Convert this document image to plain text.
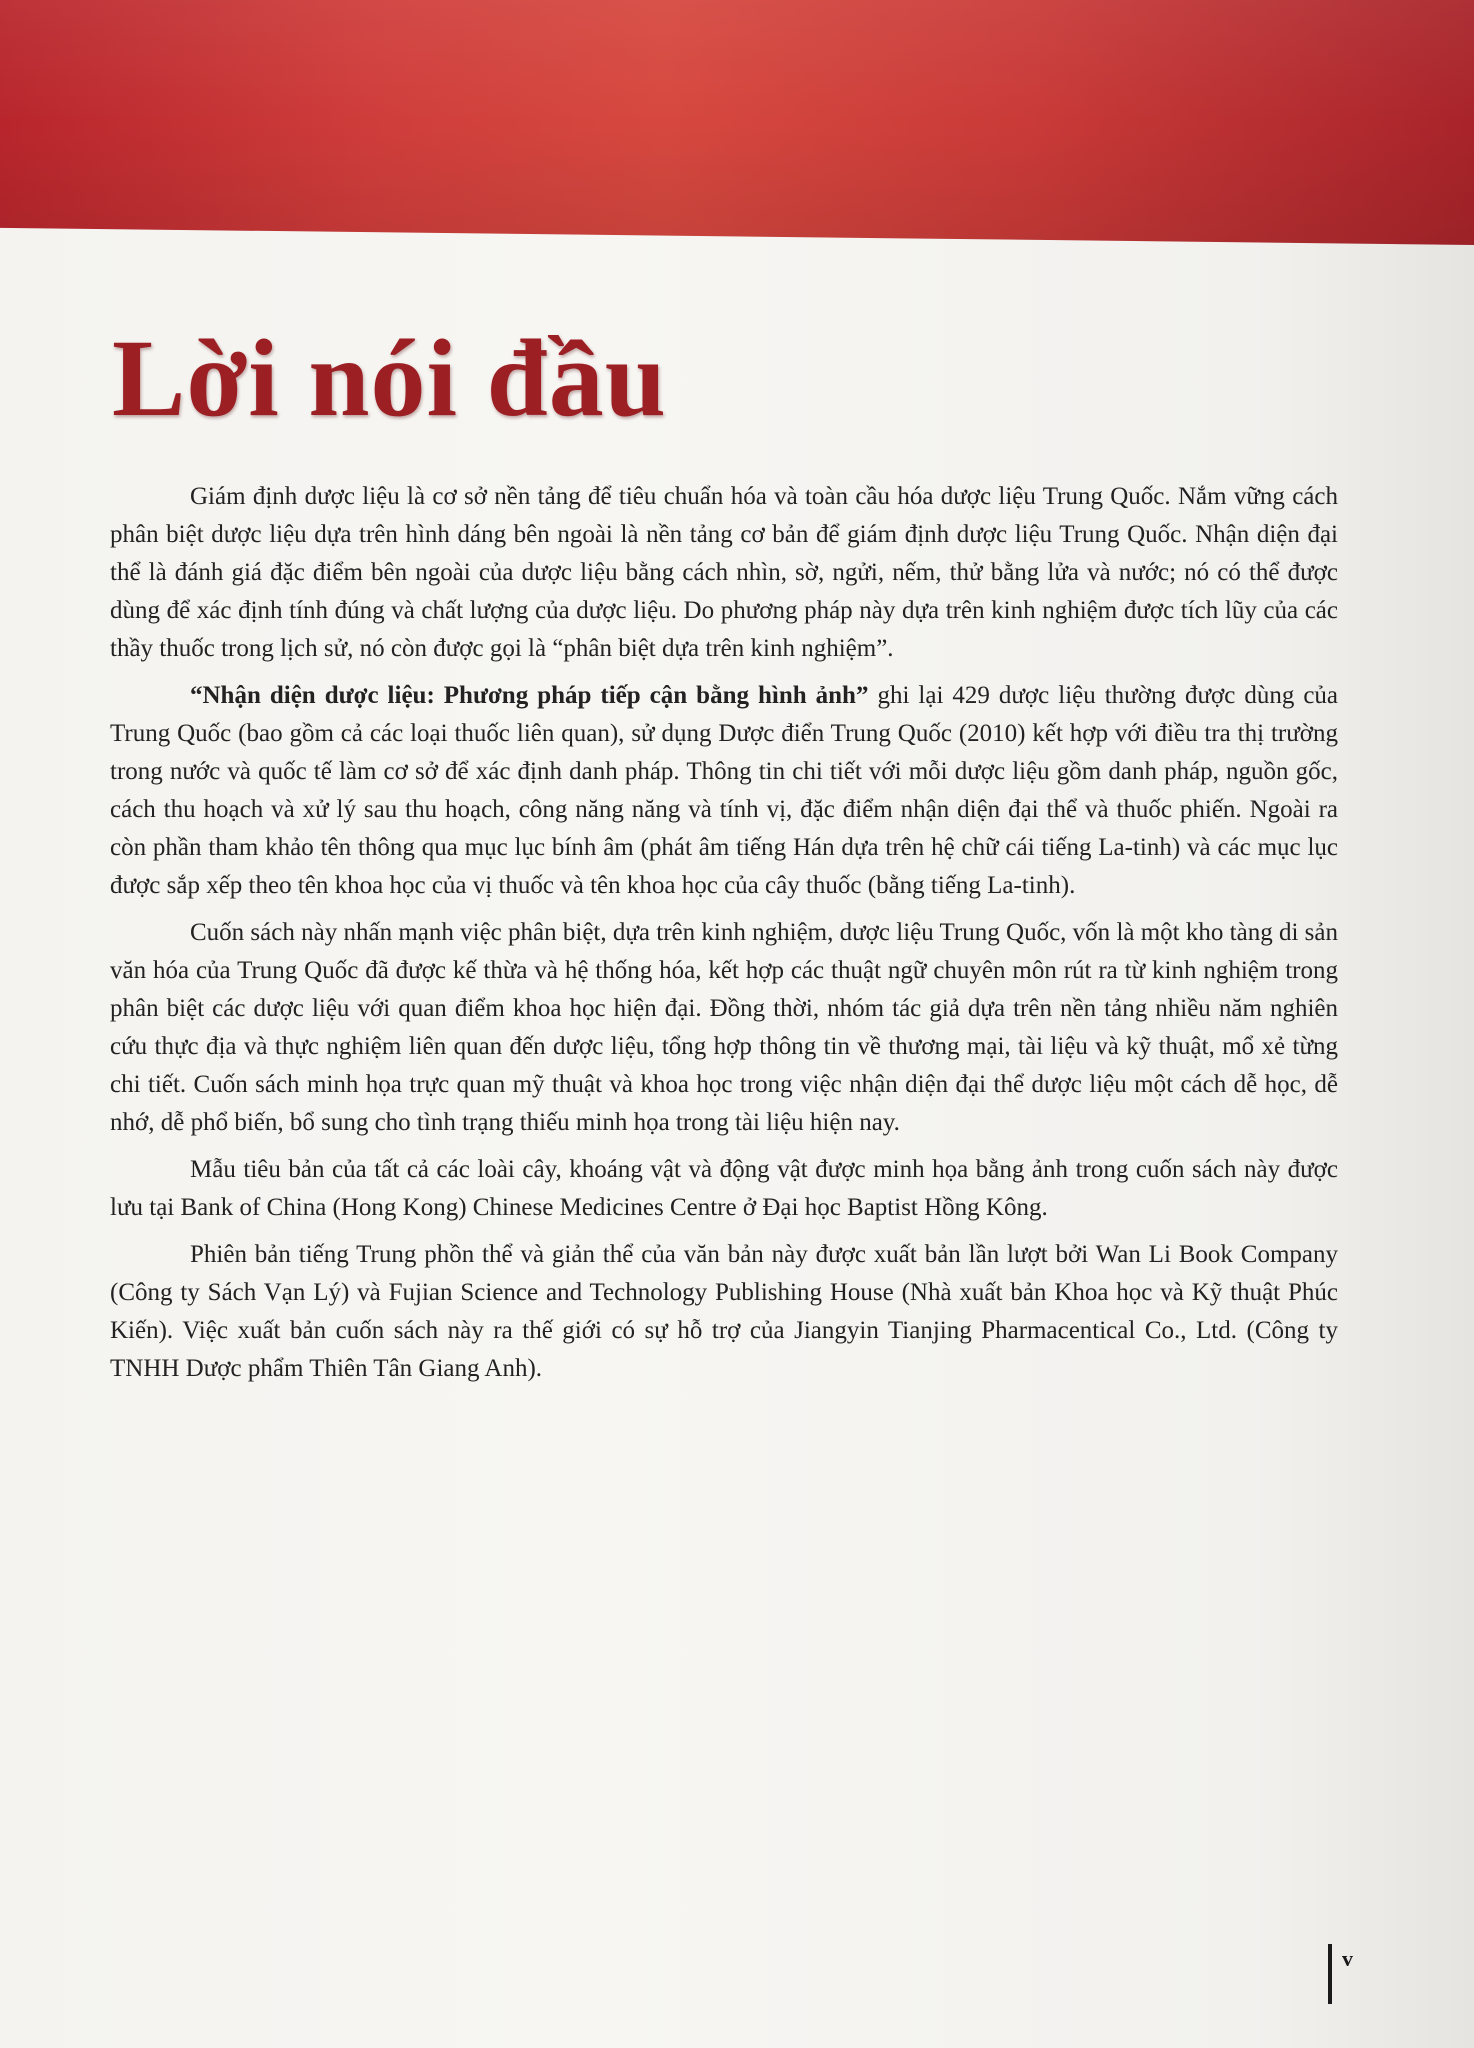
Lời nói đầu

Giám định dược liệu là cơ sở nền tảng để tiêu chuẩn hóa và toàn cầu hóa dược liệu Trung Quốc. Nắm vững cách phân biệt dược liệu dựa trên hình dáng bên ngoài là nền tảng cơ bản để giám định dược liệu Trung Quốc. Nhận diện đại thể là đánh giá đặc điểm bên ngoài của dược liệu bằng cách nhìn, sờ, ngửi, nếm, thử bằng lửa và nước; nó có thể được dùng để xác định tính đúng và chất lượng của dược liệu. Do phương pháp này dựa trên kinh nghiệm được tích lũy của các thầy thuốc trong lịch sử, nó còn được gọi là “phân biệt dựa trên kinh nghiệm”.

“Nhận diện dược liệu: Phương pháp tiếp cận bằng hình ảnh” ghi lại 429 dược liệu thường được dùng của Trung Quốc (bao gồm cả các loại thuốc liên quan), sử dụng Dược điển Trung Quốc (2010) kết hợp với điều tra thị trường trong nước và quốc tế làm cơ sở để xác định danh pháp. Thông tin chi tiết với mỗi dược liệu gồm danh pháp, nguồn gốc, cách thu hoạch và xử lý sau thu hoạch, công năng năng và tính vị, đặc điểm nhận diện đại thể và thuốc phiến. Ngoài ra còn phần tham khảo tên thông qua mục lục bính âm (phát âm tiếng Hán dựa trên hệ chữ cái tiếng La-tinh) và các mục lục được sắp xếp theo tên khoa học của vị thuốc và tên khoa học của cây thuốc (bằng tiếng La-tinh).

Cuốn sách này nhấn mạnh việc phân biệt, dựa trên kinh nghiệm, dược liệu Trung Quốc, vốn là một kho tàng di sản văn hóa của Trung Quốc đã được kế thừa và hệ thống hóa, kết hợp các thuật ngữ chuyên môn rút ra từ kinh nghiệm trong phân biệt các dược liệu với quan điểm khoa học hiện đại. Đồng thời, nhóm tác giả dựa trên nền tảng nhiều năm nghiên cứu thực địa và thực nghiệm liên quan đến dược liệu, tổng hợp thông tin về thương mại, tài liệu và kỹ thuật, mổ xẻ từng chi tiết. Cuốn sách minh họa trực quan mỹ thuật và khoa học trong việc nhận diện đại thể dược liệu một cách dễ học, dễ nhớ, dễ phổ biến, bổ sung cho tình trạng thiếu minh họa trong tài liệu hiện nay.

Mẫu tiêu bản của tất cả các loài cây, khoáng vật và động vật được minh họa bằng ảnh trong cuốn sách này được lưu tại Bank of China (Hong Kong) Chinese Medicines Centre ở Đại học Baptist Hồng Kông.

Phiên bản tiếng Trung phồn thể và giản thể của văn bản này được xuất bản lần lượt bởi Wan Li Book Company (Công ty Sách Vạn Lý) và Fujian Science and Technology Publishing House (Nhà xuất bản Khoa học và Kỹ thuật Phúc Kiến). Việc xuất bản cuốn sách này ra thế giới có sự hỗ trợ của Jiangyin Tianjing Pharmacentical Co., Ltd. (Công ty TNHH Dược phẩm Thiên Tân Giang Anh).

v
